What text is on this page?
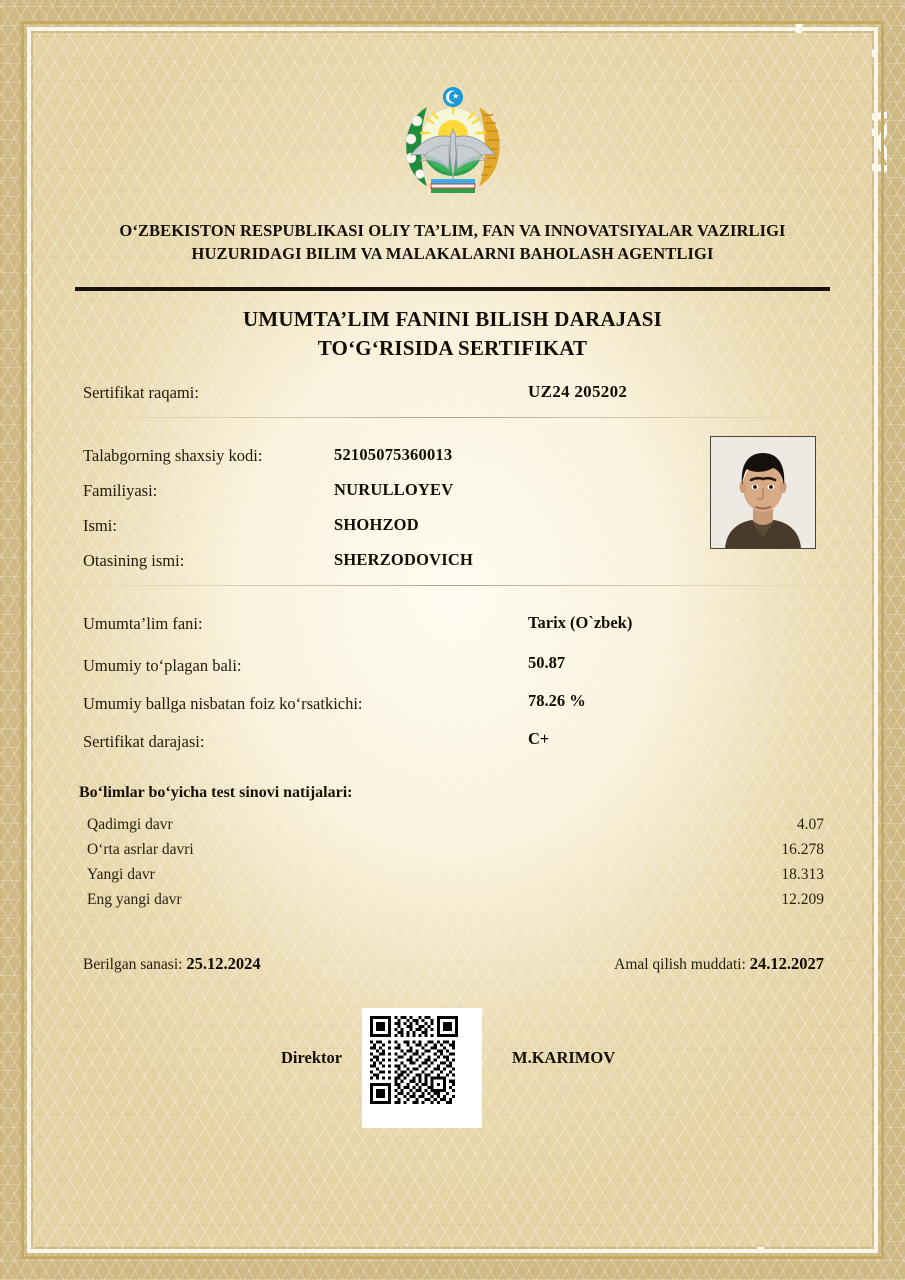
O‘ZBEKISTON RESPUBLIKASI OLIY TA’LIM, FAN VA INNOVATSIYALAR VAZIRLIGI
HUZURIDAGI BILIM VA MALAKALARNI BAHOLASH AGENTLIGI
UMUMTA’LIM FANINI BILISH DARAJASI
TO‘G‘RISIDA SERTIFIKAT
Sertifikat raqami:	UZ24 205202
Talabgorning shaxsiy kodi:	52105075360013
Familiyasi:	NURULLOYEV
Ismi:	SHOHZOD
Otasining ismi:	SHERZODOVICH
Umumta’lim fani:	Tarix (O`zbek)
Umumiy to‘plagan bali:	50.87
Umumiy ballga nisbatan foiz ko‘rsatkichi:	78.26 %
Sertifikat darajasi:	C+
Bo‘limlar bo‘yicha test sinovi natijalari:
Qadimgi davr	4.07
O‘rta asrlar davri	16.278
Yangi davr	18.313
Eng yangi davr	12.209
Berilgan sanasi: 25.12.2024	Amal qilish muddati: 24.12.2027
Direktor	M.KARIMOV
